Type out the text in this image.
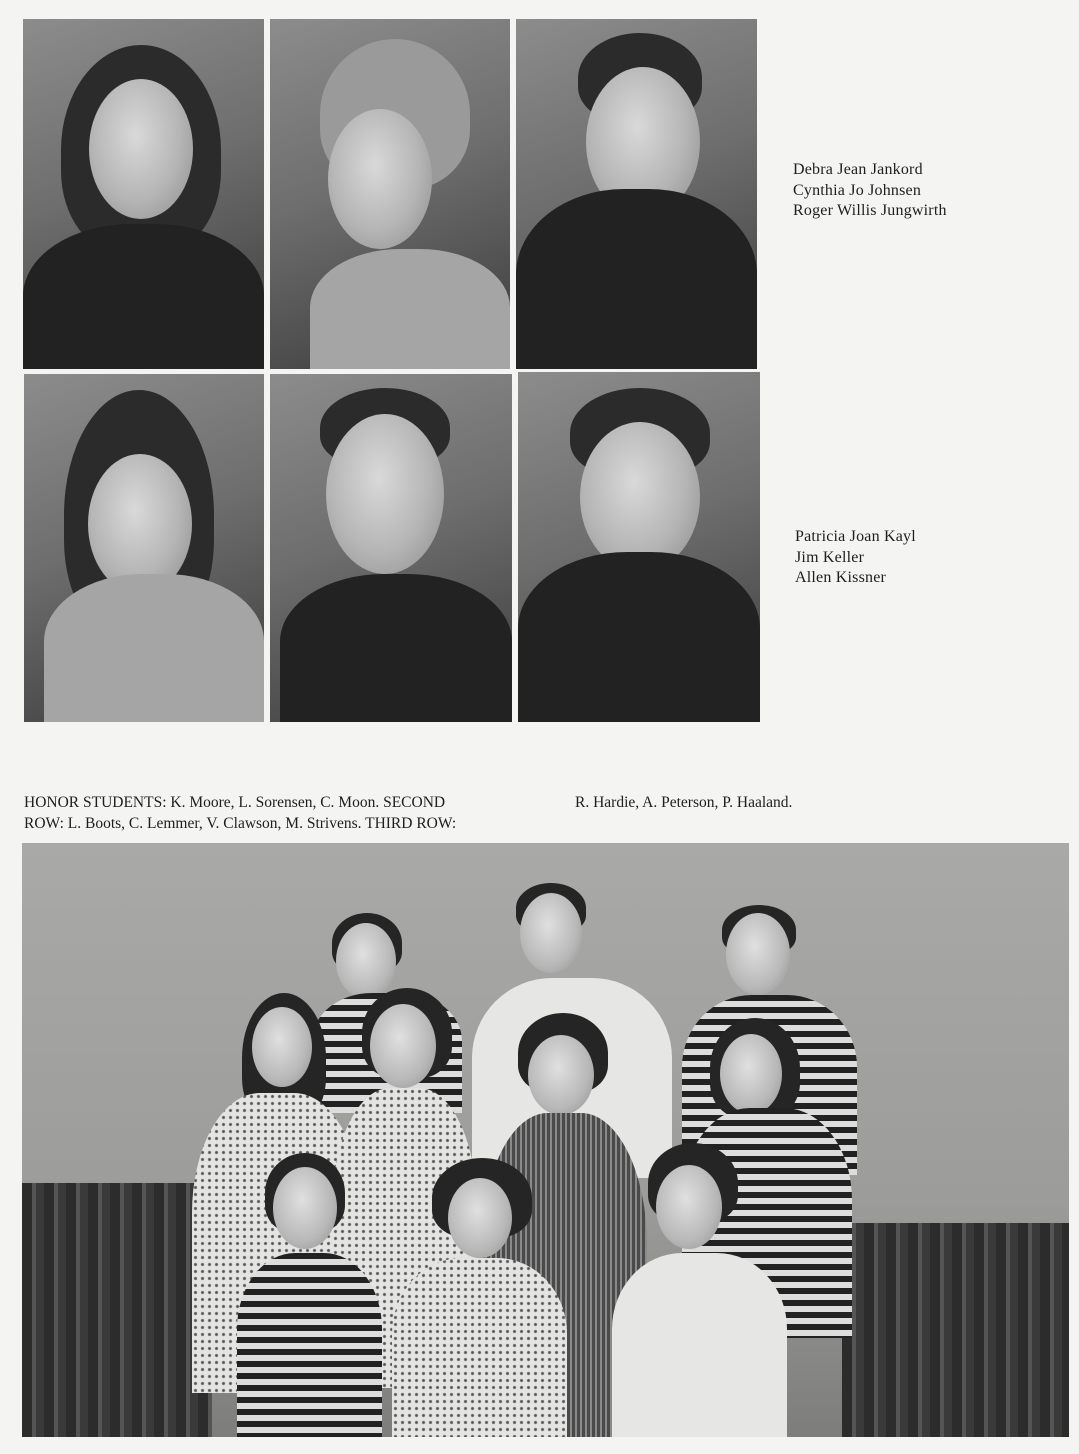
Debra Jean Jankord
Cynthia Jo Johnsen
Roger Willis Jungwirth
Patricia Joan Kayl
Jim Keller
Allen Kissner
HONOR STUDENTS: K. Moore, L. Sorensen, C. Moon. SECOND
ROW: L. Boots, C. Lemmer, V. Clawson, M. Strivens. THIRD ROW:
R. Hardie, A. Peterson, P. Haaland.
